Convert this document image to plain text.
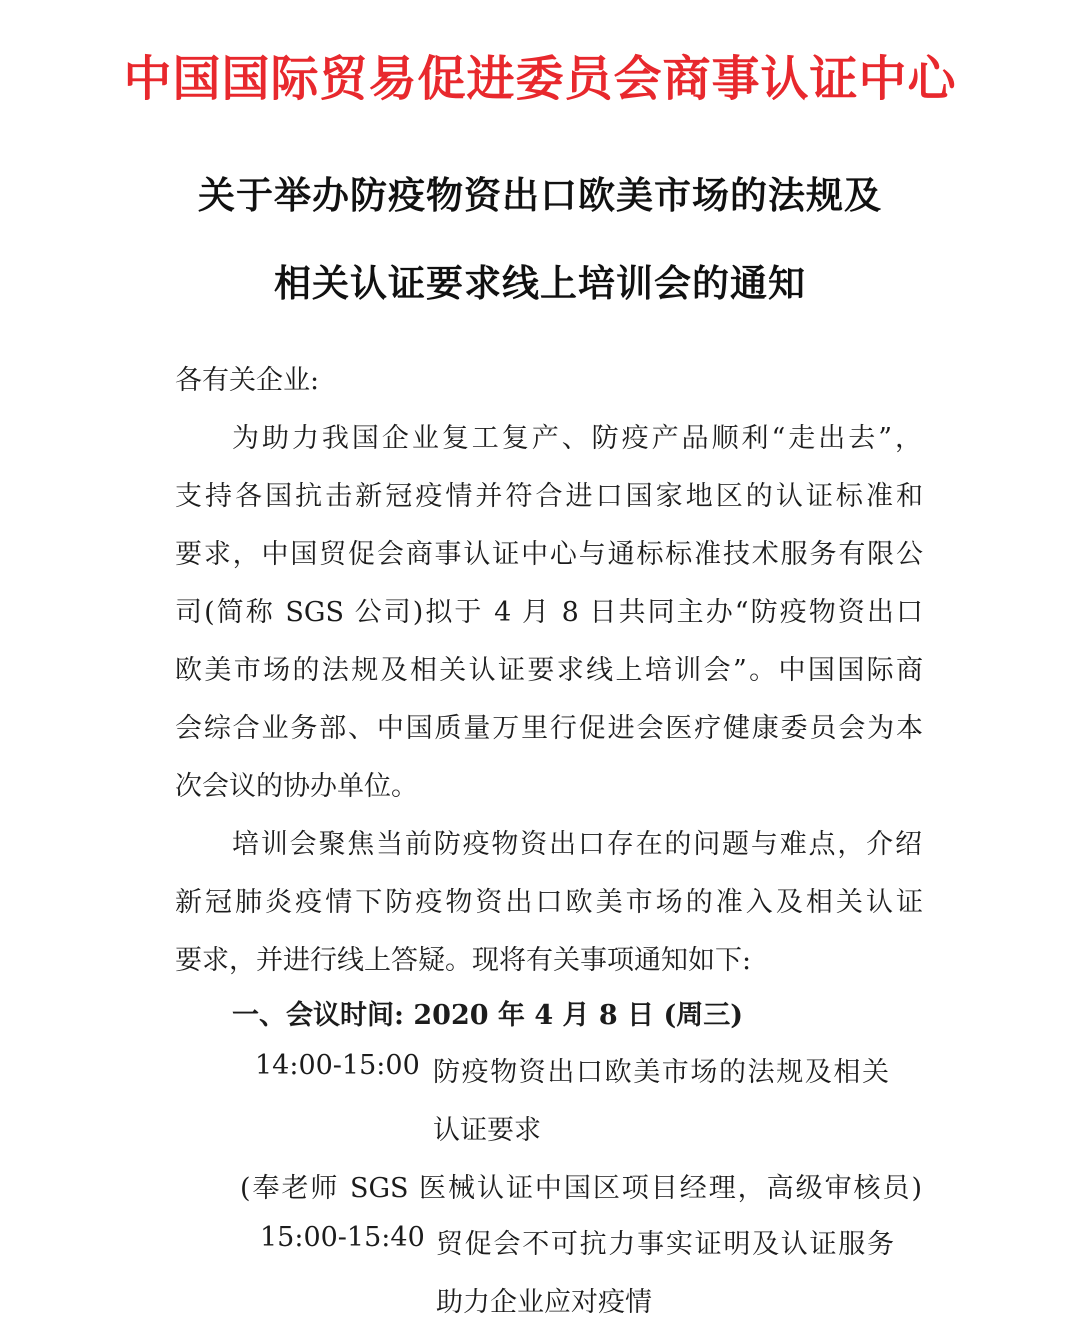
中国国际贸易促进委员会商事认证中心
关于举办防疫物资出口欧美市场的法规及
相关认证要求线上培训会的通知
各有关企业:
为助力我国企业复工复产、防疫产品顺利“走出去”，
支持各国抗击新冠疫情并符合进口国家地区的认证标准和
要求，中国贸促会商事认证中心与通标标准技术服务有限公
司(简称 SGS 公司)拟于 4 月 8 日共同主办“防疫物资出口
欧美市场的法规及相关认证要求线上培训会”。中国国际商
会综合业务部、中国质量万里行促进会医疗健康委员会为本
次会议的协办单位。
培训会聚焦当前防疫物资出口存在的问题与难点，介绍
新冠肺炎疫情下防疫物资出口欧美市场的准入及相关认证
要求，并进行线上答疑。现将有关事项通知如下:
一、会议时间: 2020 年 4 月 8 日 (周三)
14:00-15:00 防疫物资出口欧美市场的法规及相关
认证要求
(奉老师 SGS 医械认证中国区项目经理，高级审核员)
15:00-15:40 贸促会不可抗力事实证明及认证服务
助力企业应对疫情
